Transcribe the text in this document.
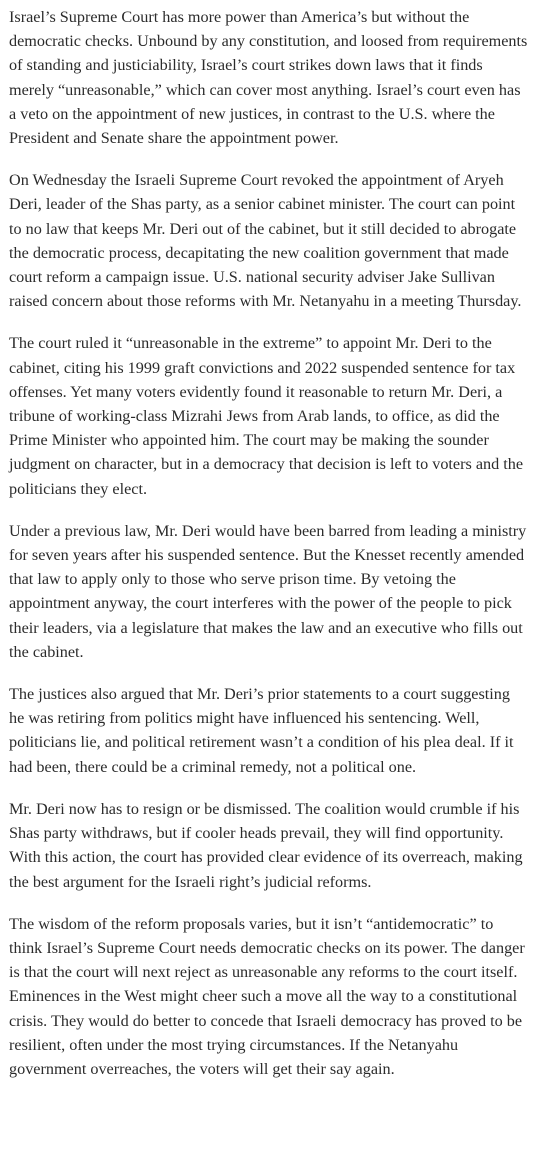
Israel’s Supreme Court has more power than America’s but without the democratic checks. Unbound by any constitution, and loosed from requirements of standing and justiciability, Israel’s court strikes down laws that it finds merely “unreasonable,” which can cover most anything. Israel’s court even has a veto on the appointment of new justices, in contrast to the U.S. where the President and Senate share the appointment power.

On Wednesday the Israeli Supreme Court revoked the appointment of Aryeh Deri, leader of the Shas party, as a senior cabinet minister. The court can point to no law that keeps Mr. Deri out of the cabinet, but it still decided to abrogate the democratic process, decapitating the new coalition government that made court reform a campaign issue. U.S. national security adviser Jake Sullivan raised concern about those reforms with Mr. Netanyahu in a meeting Thursday.

The court ruled it “unreasonable in the extreme” to appoint Mr. Deri to the cabinet, citing his 1999 graft convictions and 2022 suspended sentence for tax offenses. Yet many voters evidently found it reasonable to return Mr. Deri, a tribune of working-class Mizrahi Jews from Arab lands, to office, as did the Prime Minister who appointed him. The court may be making the sounder judgment on character, but in a democracy that decision is left to voters and the politicians they elect.

Under a previous law, Mr. Deri would have been barred from leading a ministry for seven years after his suspended sentence. But the Knesset recently amended that law to apply only to those who serve prison time. By vetoing the appointment anyway, the court interferes with the power of the people to pick their leaders, via a legislature that makes the law and an executive who fills out the cabinet.

The justices also argued that Mr. Deri’s prior statements to a court suggesting he was retiring from politics might have influenced his sentencing. Well, politicians lie, and political retirement wasn’t a condition of his plea deal. If it had been, there could be a criminal remedy, not a political one.

Mr. Deri now has to resign or be dismissed. The coalition would crumble if his Shas party withdraws, but if cooler heads prevail, they will find opportunity. With this action, the court has provided clear evidence of its overreach, making the best argument for the Israeli right’s judicial reforms.

The wisdom of the reform proposals varies, but it isn’t “antidemocratic” to think Israel’s Supreme Court needs democratic checks on its power. The danger is that the court will next reject as unreasonable any reforms to the court itself. Eminences in the West might cheer such a move all the way to a constitutional crisis. They would do better to concede that Israeli democracy has proved to be resilient, often under the most trying circumstances. If the Netanyahu government overreaches, the voters will get their say again.
